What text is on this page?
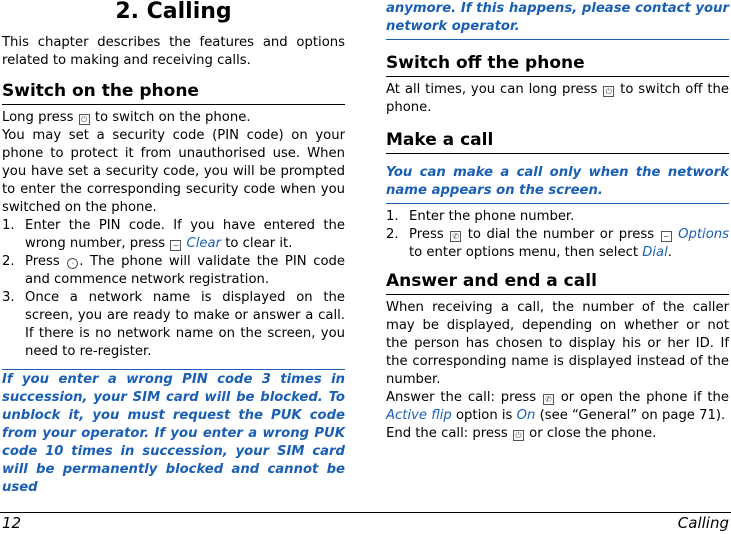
2. Calling

This chapter describes the features and options related to making and receiving calls.

Switch on the phone

Long press ⏻ to switch on the phone.

You may set a security code (PIN code) on your phone to protect it from unauthorised use. When you have set a security code, you will be prompted to enter the corresponding security code when you switched on the phone.

1. Enter the PIN code. If you have entered the wrong number, press − Clear to clear it.
2. Press · . The phone will validate the PIN code and commence network registration.
3. Once a network name is displayed on the screen, you are ready to make or answer a call. If there is no network name on the screen, you need to re-register.

If you enter a wrong PIN code 3 times in succession, your SIM card will be blocked. To unblock it, you must request the PUK code from your operator. If you enter a wrong PUK code 10 times in succession, your SIM card will be permanently blocked and cannot be used

anymore. If this happens, please contact your network operator.

Switch off the phone

At all times, you can long press ⏻ to switch off the phone.

Make a call

You can make a call only when the network name appears on the screen.

1. Enter the phone number.
2. Press ✆ to dial the number or press − Options to enter options menu, then select Dial.
Answer and end a call

When receiving a call, the number of the caller may be displayed, depending on whether or not the person has chosen to display his or her ID. If the corresponding name is displayed instead of the number.

Answer the call: press ✆ or open the phone if the Active flip option is On (see “General” on page 71).

End the call: press ⏻ or close the phone.

12	Calling
